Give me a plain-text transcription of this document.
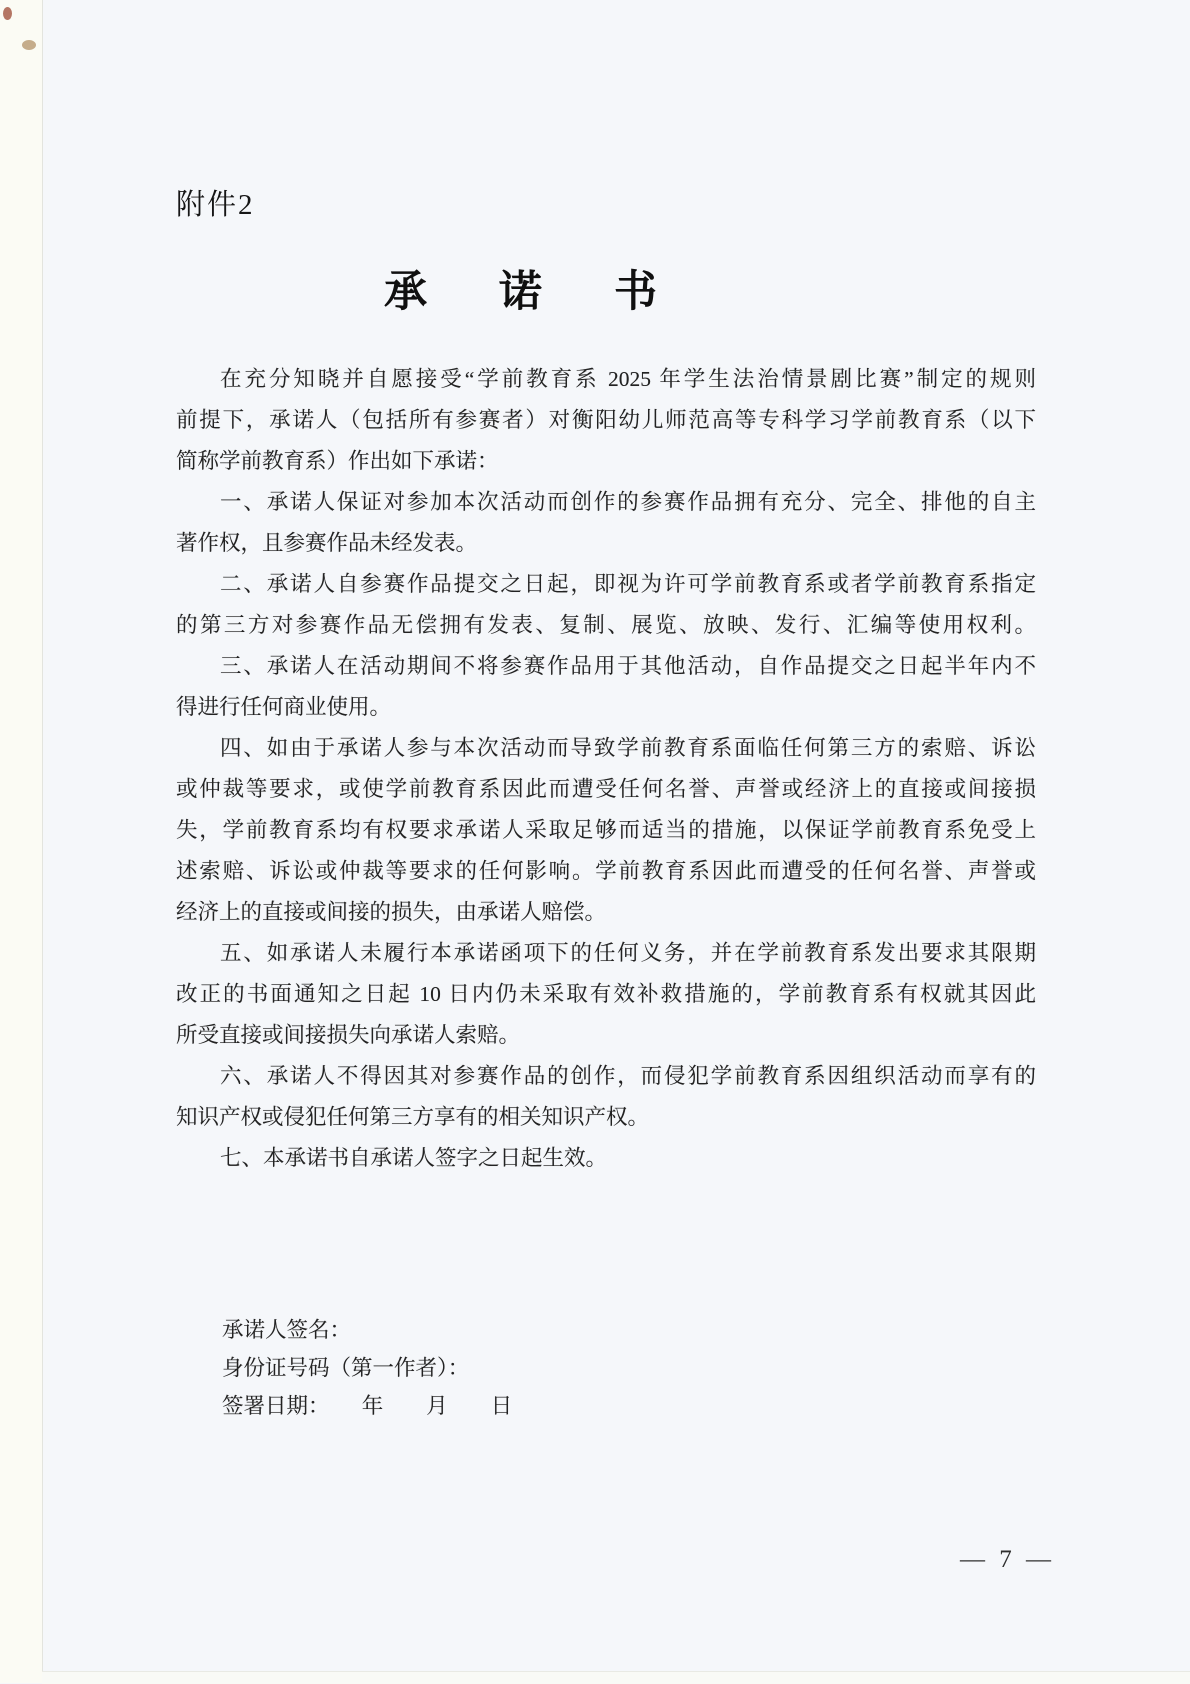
附件2
承诺书
在充分知晓并自愿接受“学前教育系 2025 年学生法治情景剧比赛”制定的规则
前提下，承诺人（包括所有参赛者）对衡阳幼儿师范高等专科学习学前教育系（以下
简称学前教育系）作出如下承诺：
一、承诺人保证对参加本次活动而创作的参赛作品拥有充分、完全、排他的自主
著作权，且参赛作品未经发表。
二、承诺人自参赛作品提交之日起，即视为许可学前教育系或者学前教育系指定
的第三方对参赛作品无偿拥有发表、复制、展览、放映、发行、汇编等使用权利。
三、承诺人在活动期间不将参赛作品用于其他活动，自作品提交之日起半年内不
得进行任何商业使用。
四、如由于承诺人参与本次活动而导致学前教育系面临任何第三方的索赔、诉讼
或仲裁等要求，或使学前教育系因此而遭受任何名誉、声誉或经济上的直接或间接损
失，学前教育系均有权要求承诺人采取足够而适当的措施，以保证学前教育系免受上
述索赔、诉讼或仲裁等要求的任何影响。学前教育系因此而遭受的任何名誉、声誉或
经济上的直接或间接的损失，由承诺人赔偿。
五、如承诺人未履行本承诺函项下的任何义务，并在学前教育系发出要求其限期
改正的书面通知之日起 10 日内仍未采取有效补救措施的，学前教育系有权就其因此
所受直接或间接损失向承诺人索赔。
六、承诺人不得因其对参赛作品的创作，而侵犯学前教育系因组织活动而享有的
知识产权或侵犯任何第三方享有的相关知识产权。
七、本承诺书自承诺人签字之日起生效。
承诺人签名：
身份证号码（第一作者）：
签署日期：　　年　　月　　日
— 7 —
